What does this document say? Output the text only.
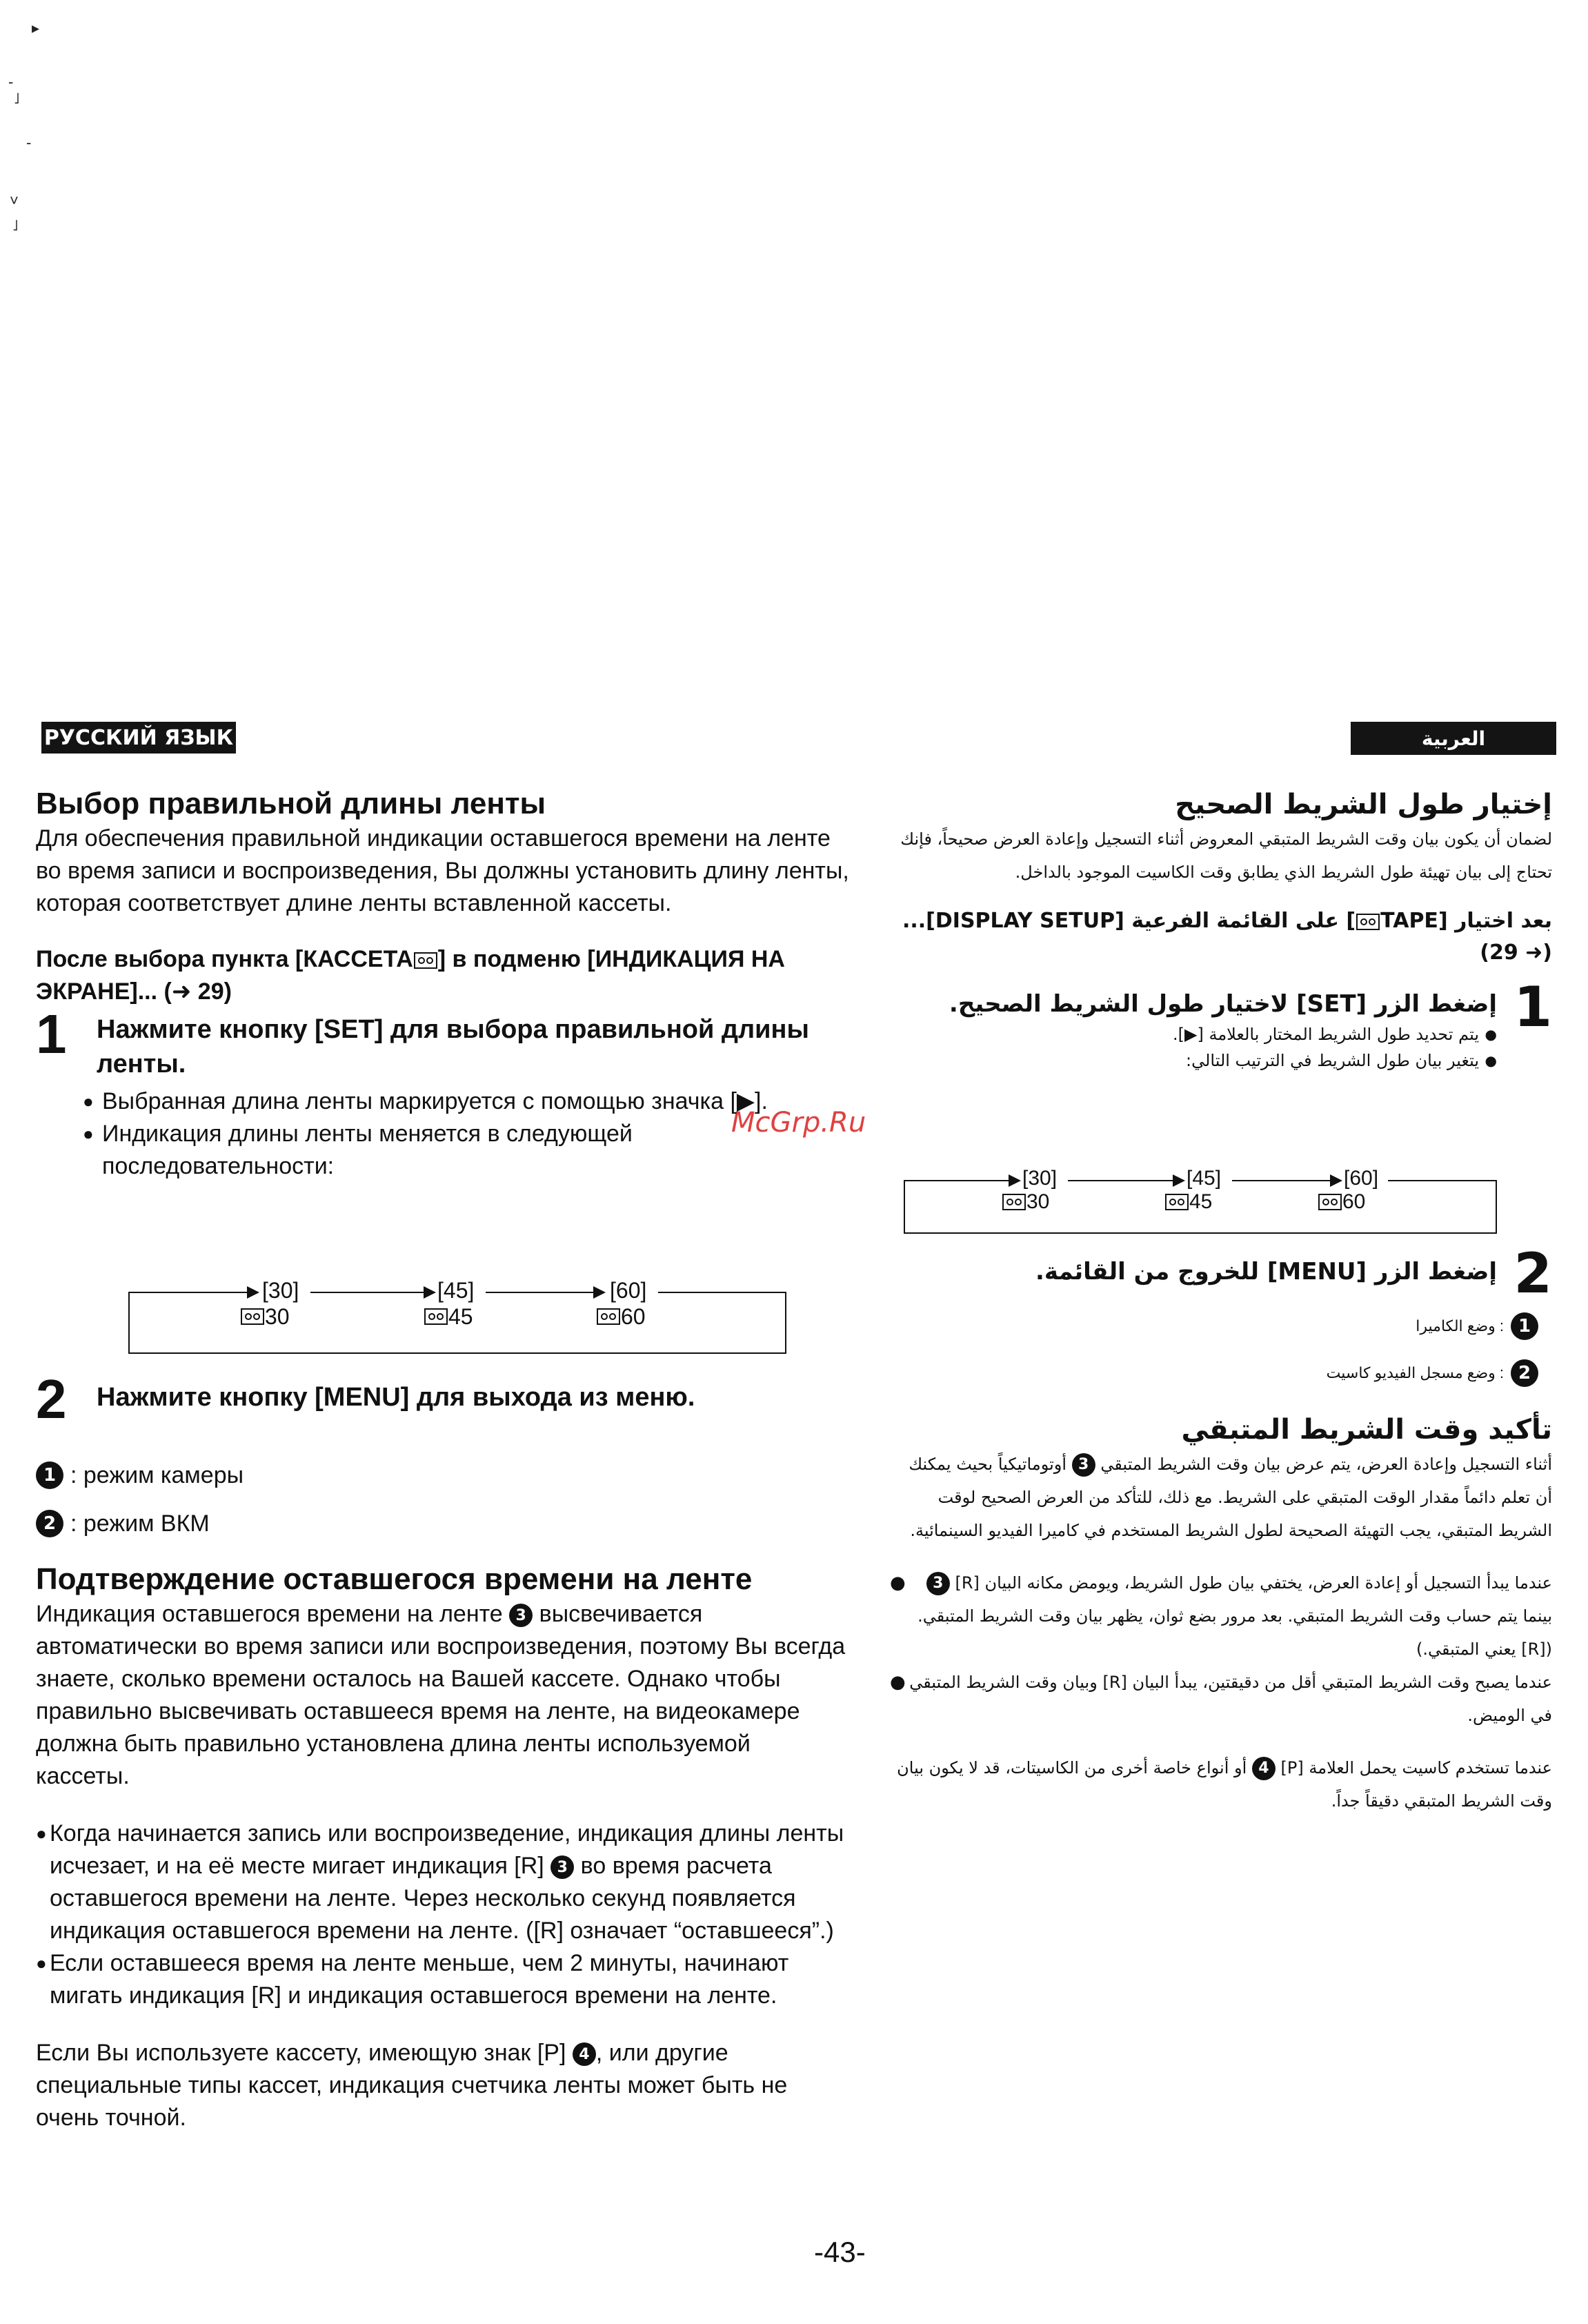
▸
-
˩
-
˅
˩
РУССКИЙ ЯЗЫК	العربية
McGrp.Ru
Выбор правильной длины ленты

Для обеспечения правильной индикации оставшегося времени на ленте во время записи и воспроизведения, Вы должны установить длину ленты, которая соответствует длине ленты вставленной кассеты.

После выбора пункта [КАССЕТА ] в подменю [ИНДИКАЦИЯ НА ЭКРАНЕ]... (➜ 29)

1 Нажмите кнопку [SET] для выбора правильной длины ленты.

● Выбранная длина ленты маркируется с помощью значка [▶].
● Индикация длины ленты меняется в следующей последовательности:
[30]	[45]	[60]
30	45	60
2 Нажмите кнопку [MENU] для выхода из меню.

1 : режим камеры
2 : режим ВКМ
Подтверждение оставшегося времени на ленте

Индикация оставшегося времени на ленте 3 высвечивается автоматически во время записи или воспроизведения, поэтому Вы всегда знаете, сколько времени осталось на Вашей кассете. Однако чтобы правильно высвечивать оставшееся время на ленте, на видеокамере должна быть правильно установлена длина ленты используемой кассеты.

● Когда начинается запись или воспроизведение, индикация длины ленты исчезает, и на её месте мигает индикация [R] 3 во время расчета оставшегося времени на ленте. Через несколько секунд появляется индикация оставшегося времени на ленте. ([R] означает “оставшееся”.)
● Если оставшееся время на ленте меньше, чем 2 минуты, начинают мигать индикация [R] и индикация оставшегося времени на ленте.

Если Вы используете кассету, имеющую знак [P] 4 , или другие специальные типы кассет, индикация счетчика ленты может быть не очень точной.

إختيار طول الشريط الصحيح

لضمان أن يكون بيان وقت الشريط المتبقي المعروض أثناء التسجيل وإعادة العرض صحيحاً، فإنك تحتاج إلى بيان تهيئة طول الشريط الذي يطابق وقت الكاسيت الموجود بالداخل.

بعد اختيار [TAPE] على القائمة الفرعية [DISPLAY SETUP]... (➜ 29)

1

إضغط الزر [SET] لاختيار طول الشريط الصحيح.

● يتم تحديد طول الشريط المختار بالعلامة [▶].
● يتغير بيان طول الشريط في الترتيب التالي:
[30]	[45]	[60]
30	45	60
2

إضغط الزر [MENU] للخروج من القائمة.

1
: وضع الكاميرا
2
: وضع مسجل الفيديو كاسيت
تأكيد وقت الشريط المتبقي

أثناء التسجيل وإعادة العرض، يتم عرض بيان وقت الشريط المتبقي 3 أوتوماتيكياً بحيث يمكنك أن تعلم دائماً مقدار الوقت المتبقي على الشريط. مع ذلك، للتأكد من العرض الصحيح لوقت الشريط المتبقي، يجب التهيئة الصحيحة لطول الشريط المستخدم في كاميرا الفيديو السينمائية.

● عندما يبدأ التسجيل أو إعادة العرض، يختفي بيان طول الشريط، ويومض مكانه البيان [R] 3 بينما يتم حساب وقت الشريط المتبقي. بعد مرور بضع ثوان، يظهر بيان وقت الشريط المتبقي. ([R] يعني المتبقي.)
● عندما يصبح وقت الشريط المتبقي أقل من دقيقتين، يبدأ البيان [R] وبيان وقت الشريط المتبقي في الوميض.

عندما تستخدم كاسيت يحمل العلامة [P] 4 أو أنواع خاصة أخرى من الكاسيتات، قد لا يكون بيان وقت الشريط المتبقي دقيقاً جداً.

-43-
